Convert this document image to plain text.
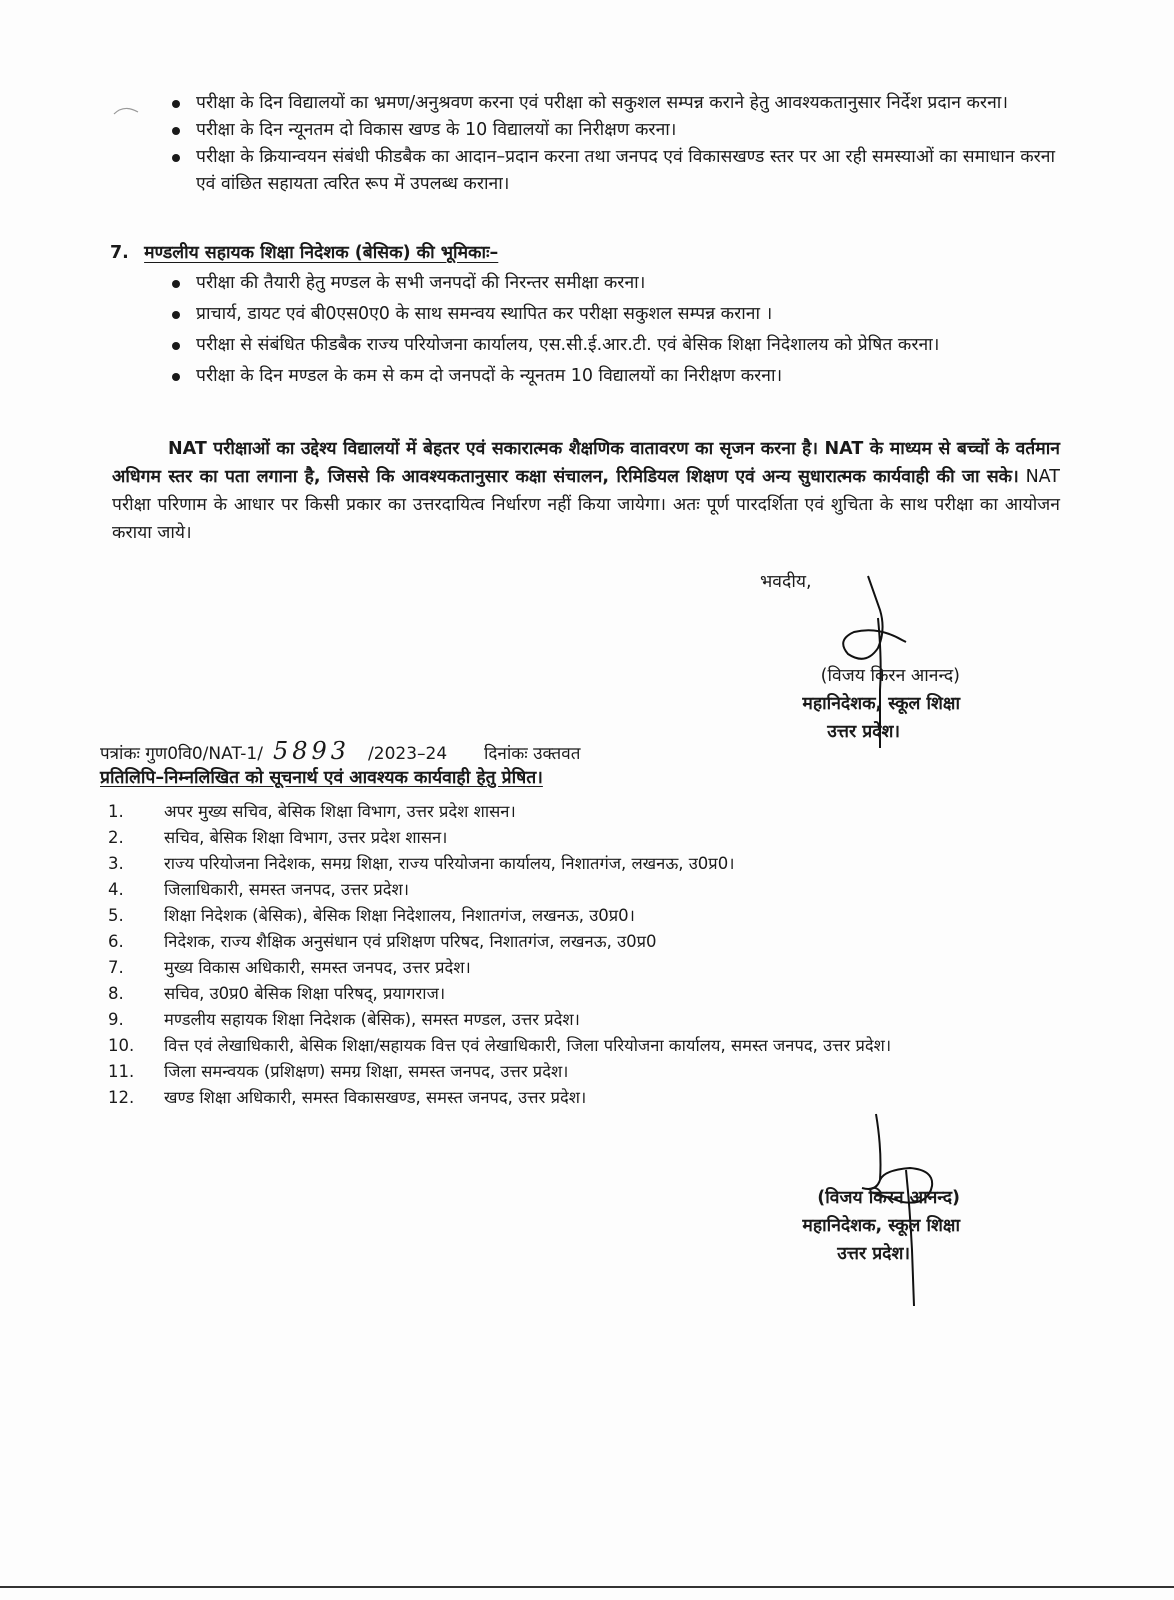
परीक्षा के दिन विद्यालयों का भ्रमण/अनुश्रवण करना एवं परीक्षा को सकुशल सम्पन्न कराने हेतु आवश्यकतानुसार निर्देश प्रदान करना।

परीक्षा के दिन न्यूनतम दो विकास खण्ड के 10 विद्यालयों का निरीक्षण करना।

परीक्षा के क्रियान्वयन संबंधी फीडबैक का आदान–प्रदान करना तथा जनपद एवं विकासखण्ड स्तर पर आ रही समस्याओं का समाधान करना एवं वांछित सहायता त्वरित रूप में उपलब्ध कराना।

7. मण्डलीय सहायक शिक्षा निदेशक (बेसिक) की भूमिकाः–

परीक्षा की तैयारी हेतु मण्डल के सभी जनपदों की निरन्तर समीक्षा करना।

प्राचार्य, डायट एवं बी0एस0ए0 के साथ समन्वय स्थापित कर परीक्षा सकुशल सम्पन्न कराना ।

परीक्षा से संबंधित फीडबैक राज्य परियोजना कार्यालय, एस.सी.ई.आर.टी. एवं बेसिक शिक्षा निदेशालय को प्रेषित करना।

परीक्षा के दिन मण्डल के कम से कम दो जनपदों के न्यूनतम 10 विद्यालयों का निरीक्षण करना।

NAT परीक्षाओं का उद्देश्य विद्यालयों में बेहतर एवं सकारात्मक शैक्षणिक वातावरण का सृजन करना है। NAT के माध्यम से बच्चों के वर्तमान अधिगम स्तर का पता लगाना है, जिससे कि आवश्यकतानुसार कक्षा संचालन, रिमिडियल शिक्षण एवं अन्य सुधारात्मक कार्यवाही की जा सके। NAT परीक्षा परिणाम के आधार पर किसी प्रकार का उत्तरदायित्व निर्धारण नहीं किया जायेगा। अतः पूर्ण पारदर्शिता एवं शुचिता के साथ परीक्षा का आयोजन कराया जाये।
भवदीय,
(विजय किरन आनन्द)
महानिदेशक, स्कूल शिक्षा
उत्तर प्रदेश।
पत्रांकः गुण0वि0/NAT-1/ 5893 /2023–24 दिनांकः उक्तवत
प्रतिलिपि–निम्नलिखित को सूचनार्थ एवं आवश्यक कार्यवाही हेतु प्रेषित।
1.	अपर मुख्य सचिव, बेसिक शिक्षा विभाग, उत्तर प्रदेश शासन।
2.	सचिव, बेसिक शिक्षा विभाग, उत्तर प्रदेश शासन।
3.	राज्य परियोजना निदेशक, समग्र शिक्षा, राज्य परियोजना कार्यालय, निशातगंज, लखनऊ, उ0प्र0।
4.	जिलाधिकारी, समस्त जनपद, उत्तर प्रदेश।
5.	शिक्षा निदेशक (बेसिक), बेसिक शिक्षा निदेशालय, निशातगंज, लखनऊ, उ0प्र0।
6.	निदेशक, राज्य शैक्षिक अनुसंधान एवं प्रशिक्षण परिषद, निशातगंज, लखनऊ, उ0प्र0
7.	मुख्य विकास अधिकारी, समस्त जनपद, उत्तर प्रदेश।
8.	सचिव, उ0प्र0 बेसिक शिक्षा परिषद्, प्रयागराज।
9.	मण्डलीय सहायक शिक्षा निदेशक (बेसिक), समस्त मण्डल, उत्तर प्रदेश।
10.	वित्त एवं लेखाधिकारी, बेसिक शिक्षा/सहायक वित्त एवं लेखाधिकारी, जिला परियोजना कार्यालय, समस्त जनपद, उत्तर प्रदेश।
11.	जिला समन्वयक (प्रशिक्षण) समग्र शिक्षा, समस्त जनपद, उत्तर प्रदेश।
12.	खण्ड शिक्षा अधिकारी, समस्त विकासखण्ड, समस्त जनपद, उत्तर प्रदेश।
(विजय किरन आनन्द)
महानिदेशक, स्कूल शिक्षा
उत्तर प्रदेश।
